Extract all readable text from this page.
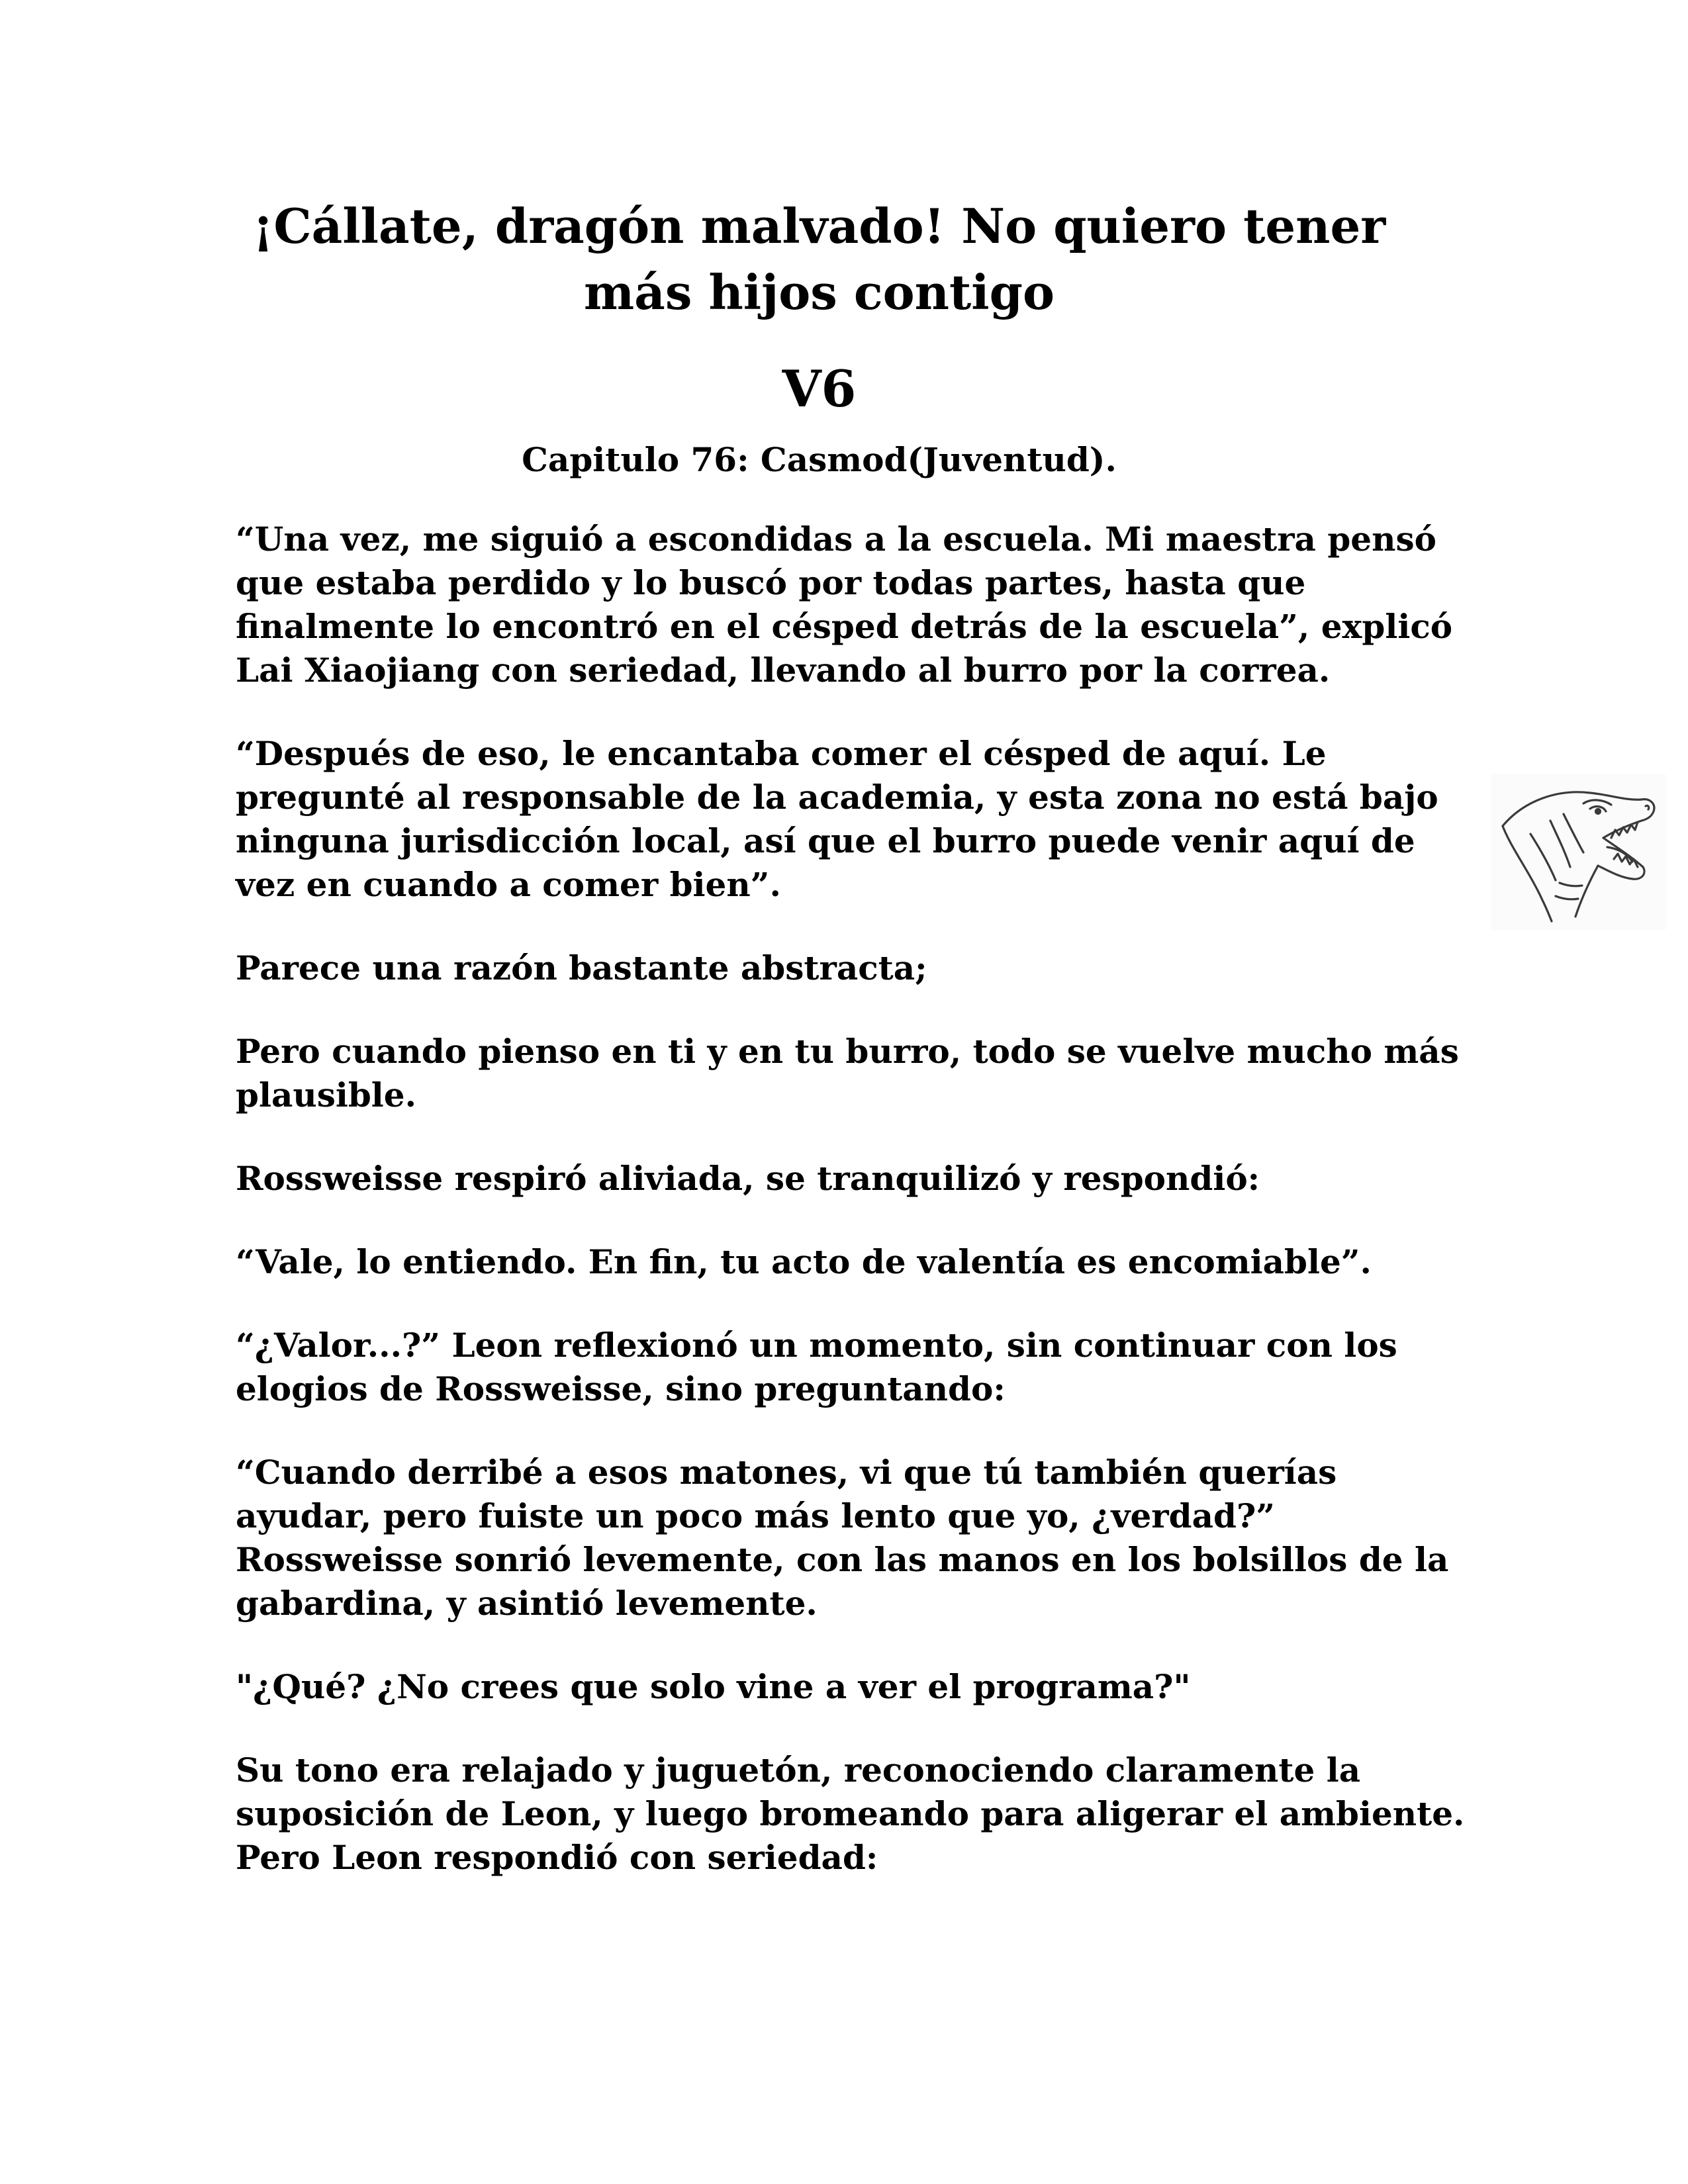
¡Cállate, dragón malvado! No quiero tener más hijos contigo
V6
Capitulo 76: Casmod(Juventud).

“Una vez, me siguió a escondidas a la escuela. Mi maestra pensó que estaba perdido y lo buscó por todas partes, hasta que finalmente lo encontró en el césped detrás de la escuela”, explicó Lai Xiaojiang con seriedad, llevando al burro por la correa.

“Después de eso, le encantaba comer el césped de aquí. Le pregunté al responsable de la academia, y esta zona no está bajo ninguna jurisdicción local, así que el burro puede venir aquí de vez en cuando a comer bien”.

Parece una razón bastante abstracta;

Pero cuando pienso en ti y en tu burro, todo se vuelve mucho más plausible.

Rossweisse respiró aliviada, se tranquilizó y respondió:

“Vale, lo entiendo. En fin, tu acto de valentía es encomiable”.

“¿Valor...?” Leon reflexionó un momento, sin continuar con los elogios de Rossweisse, sino preguntando:

“Cuando derribé a esos matones, vi que tú también querías ayudar, pero fuiste un poco más lento que yo, ¿verdad?” Rossweisse sonrió levemente, con las manos en los bolsillos de la gabardina, y asintió levemente.

"¿Qué? ¿No crees que solo vine a ver el programa?"

Su tono era relajado y juguetón, reconociendo claramente la suposición de Leon, y luego bromeando para aligerar el ambiente. Pero Leon respondió con seriedad:
